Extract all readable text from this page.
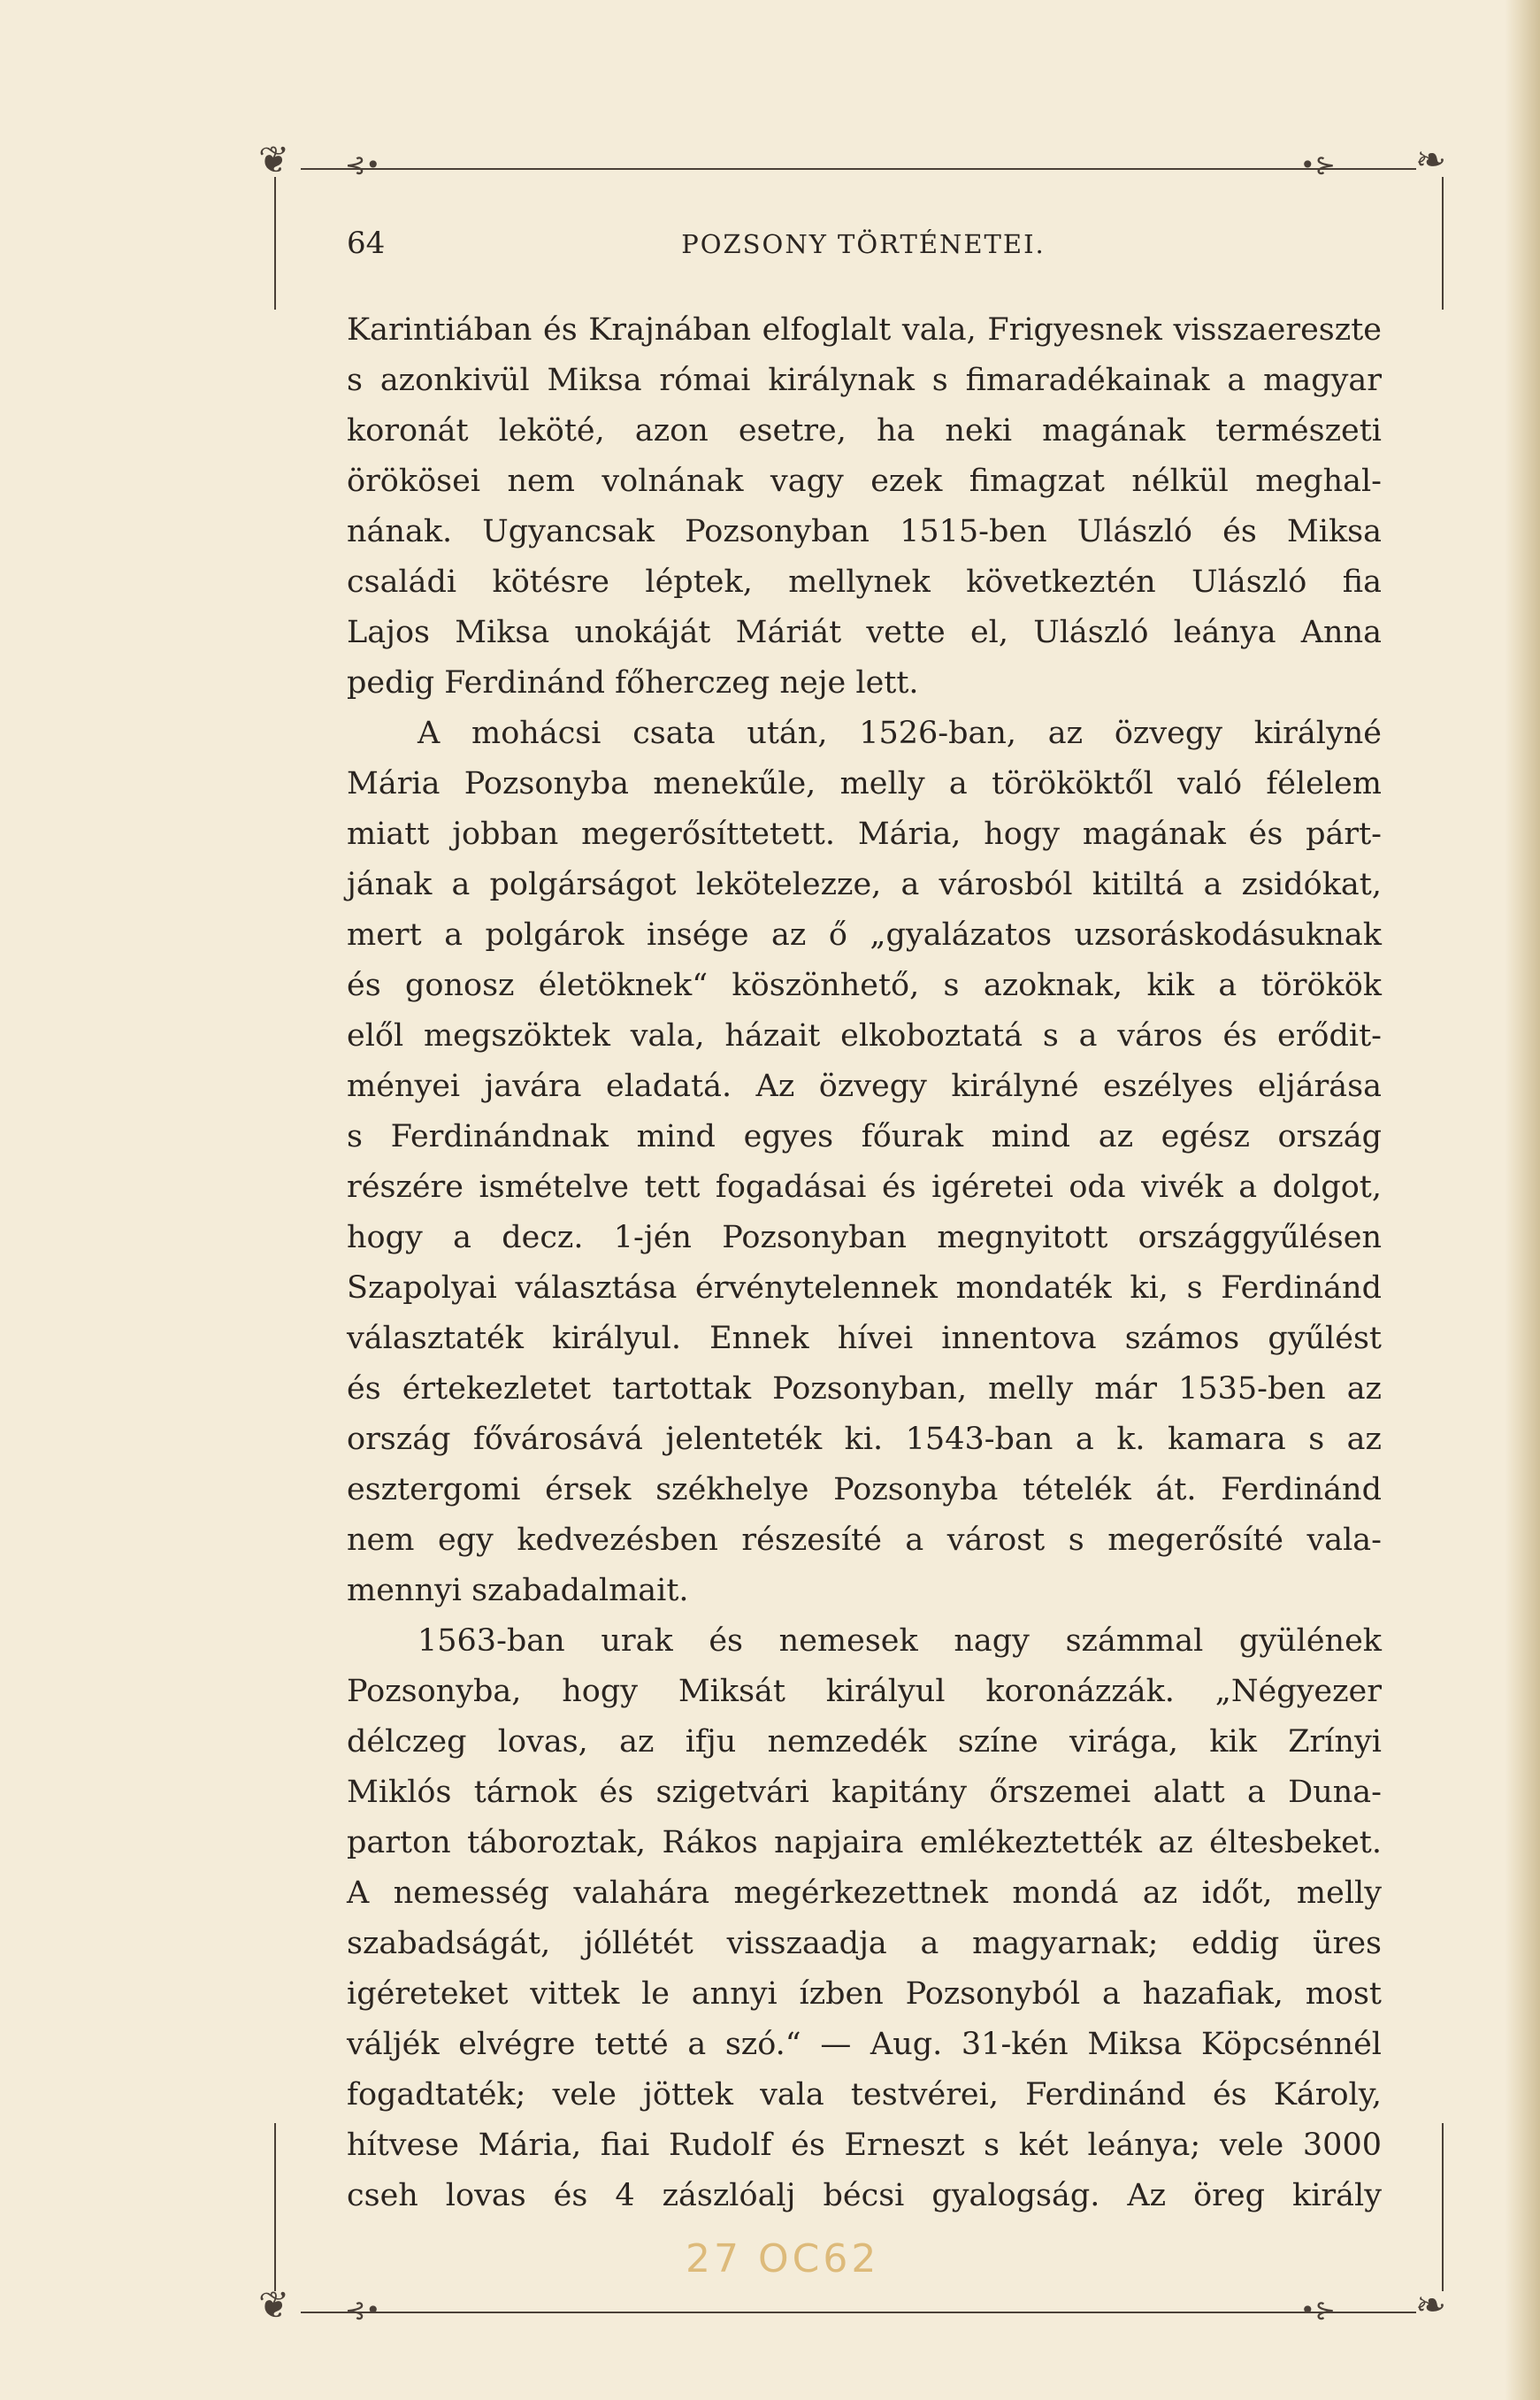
❦	❧
❦	❧
⊰•	•⊱
⊰•	•⊱
64	POZSONY TÖRTÉNETEI.
Karintiában és Krajnában elfoglalt vala, Frigyesnek visszaereszte
s azonkivül Miksa római királynak s fimaradékainak a magyar
koronát leköté, azon esetre, ha neki magának természeti
örökösei nem volnának vagy ezek fimagzat nélkül meghal-
nának. Ugyancsak Pozsonyban 1515-ben Ulászló és Miksa
családi kötésre léptek, mellynek következtén Ulászló fia
Lajos Miksa unokáját Máriát vette el, Ulászló leánya Anna
pedig Ferdinánd főherczeg neje lett.
A mohácsi csata után, 1526-ban, az özvegy királyné
Mária Pozsonyba menekűle, melly a törököktől való félelem
miatt jobban megerősíttetett. Mária, hogy magának és párt-
jának a polgárságot lekötelezze, a városból kitiltá a zsidókat,
mert a polgárok insége az ő „gyalázatos uzsoráskodásuknak
és gonosz életöknek“ köszönhető, s azoknak, kik a törökök
elől megszöktek vala, házait elkoboztatá s a város és erődit-
ményei javára eladatá. Az özvegy királyné eszélyes eljárása
s Ferdinándnak mind egyes főurak mind az egész ország
részére ismételve tett fogadásai és igéretei oda vivék a dolgot,
hogy a decz. 1-jén Pozsonyban megnyitott országgyűlésen
Szapolyai választása érvénytelennek mondaték ki, s Ferdinánd
választaték királyul. Ennek hívei innentova számos gyűlést
és értekezletet tartottak Pozsonyban, melly már 1535-ben az
ország fővárosává jelenteték ki. 1543-ban a k. kamara s az
esztergomi érsek székhelye Pozsonyba tételék át. Ferdinánd
nem egy kedvezésben részesíté a várost s megerősíté vala-
mennyi szabadalmait.
1563-ban urak és nemesek nagy számmal gyülének
Pozsonyba, hogy Miksát királyul koronázzák. „Négyezer
délczeg lovas, az ifju nemzedék színe virága, kik Zrínyi
Miklós tárnok és szigetvári kapitány őrszemei alatt a Duna-
parton táboroztak, Rákos napjaira emlékeztették az éltesbeket.
A nemesség valahára megérkezettnek mondá az időt, melly
szabadságát, jóllétét visszaadja a magyarnak; eddig üres
igéreteket vittek le annyi ízben Pozsonyból a hazafiak, most
váljék elvégre tetté a szó.“ — Aug. 31-kén Miksa Köpcsénnél
fogadtaték; vele jöttek vala testvérei, Ferdinánd és Károly,
hítvese Mária, fiai Rudolf és Erneszt s két leánya; vele 3000
cseh lovas és 4 zászlóalj bécsi gyalogság. Az öreg király
27 OC62
